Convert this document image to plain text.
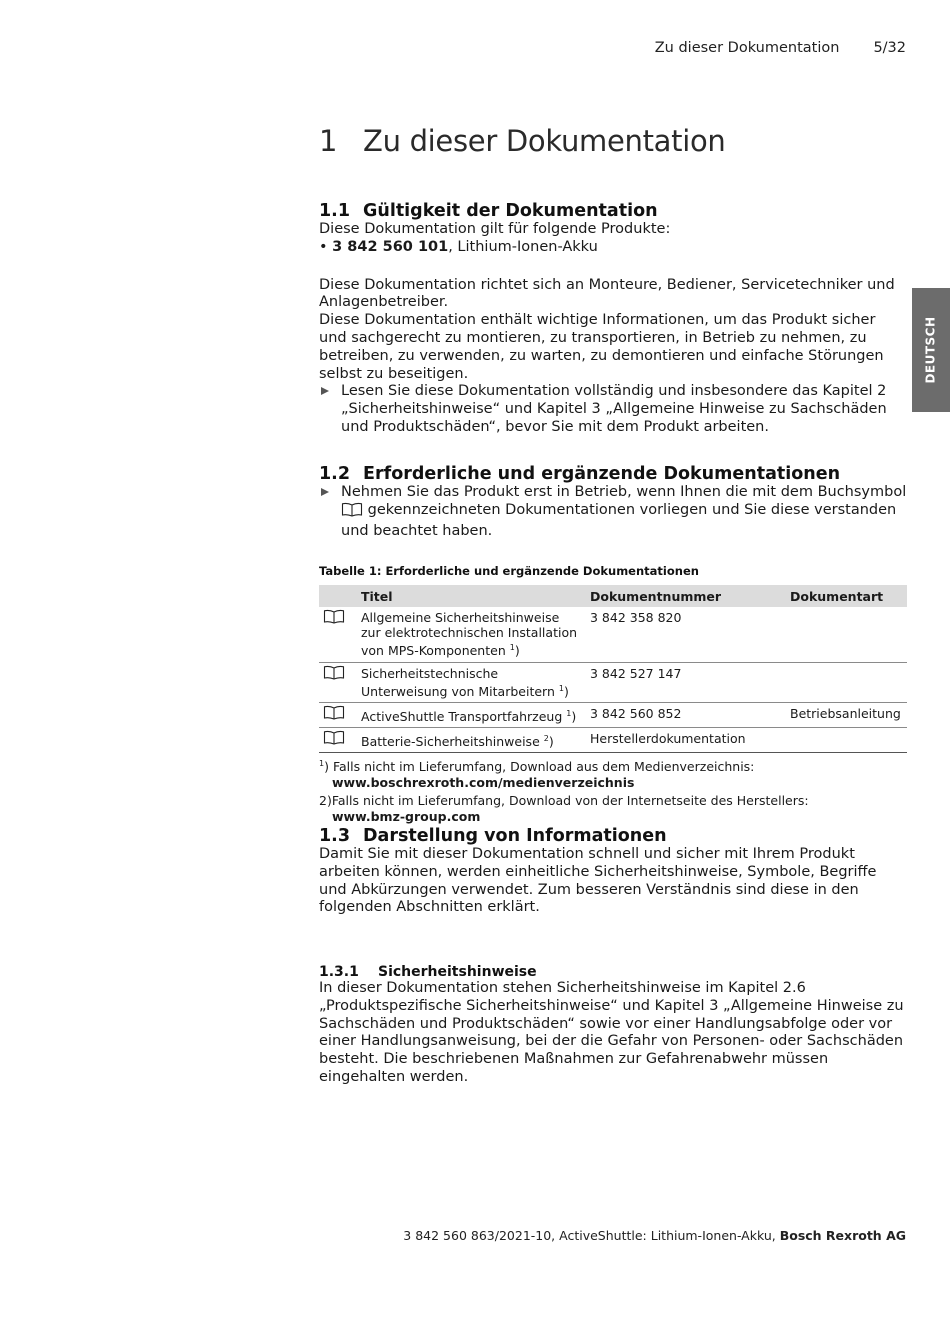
Zu dieser Dokumentation 5/32
DEUTSCH
1 Zu dieser Dokumentation
1.1 Gültigkeit der Dokumentation

Diese Dokumentation gilt für folgende Produkte:

• 3 842 560 101, Lithium-Ionen-Akku

Diese Dokumentation richtet sich an Monteure, Bediener, Servicetechniker und Anlagenbetreiber.

Diese Dokumentation enthält wichtige Informationen, um das Produkt sicher und sachgerecht zu montieren, zu transportieren, in Betrieb zu nehmen, zu betreiben, zu verwenden, zu warten, zu demontieren und einfache Störungen selbst zu beseitigen.

Lesen Sie diese Dokumentation vollständig und insbesondere das Kapitel 2 „Sicherheitshinweise“ und Kapitel 3 „Allgemeine Hinweise zu Sachschäden und Produktschäden“, bevor Sie mit dem Produkt arbeiten.
1.2 Erforderliche und ergänzende Dokumentationen
Nehmen Sie das Produkt erst in Betrieb, wenn Ihnen die mit dem Buchsymbol  gekennzeichneten Dokumentationen vorliegen und Sie diese verstanden und beachtet haben.
Tabelle 1: Erforderliche und ergänzende Dokumentationen
	Titel	Dokumentnummer	Dokumentart
	Allgemeine Sicherheitshinweise zur elektrotechnischen Installation von MPS-Komponenten $^1$)	3 842 358 820	
	Sicherheitstechnische Unterweisung von Mitarbeitern $^1$)	3 842 527 147	
	ActiveShuttle Transportfahrzeug $^1$)	3 842 560 852	Betriebsanleitung
	Batterie-Sicherheitshinweise $^2$)	Herstellerdokumentation	
$^1$) Falls nicht im Lieferumfang, Download aus dem Medienverzeichnis:
www.boschrexroth.com/medienverzeichnis
2)Falls nicht im Lieferumfang, Download von der Internetseite des Herstellers:
www.bmz-group.com
1.3 Darstellung von Informationen

Damit Sie mit dieser Dokumentation schnell und sicher mit Ihrem Produkt arbeiten können, werden einheitliche Sicherheitshinweise, Symbole, Begriffe und Abkürzungen verwendet. Zum besseren Verständnis sind diese in den folgenden Abschnitten erklärt.

1.3.1 Sicherheitshinweise

In dieser Dokumentation stehen Sicherheitshinweise im Kapitel 2.6 „Produktspezifische Sicherheitshinweise“ und Kapitel 3 „Allgemeine Hinweise zu Sachschäden und Produktschäden“ sowie vor einer Handlungsabfolge oder vor einer Handlungsanweisung, bei der die Gefahr von Personen- oder Sachschäden besteht. Die beschriebenen Maßnahmen zur Gefahrenabwehr müssen eingehalten werden.

3 842 560 863/2021-10, ActiveShuttle: Lithium-Ionen-Akku, Bosch Rexroth AG
